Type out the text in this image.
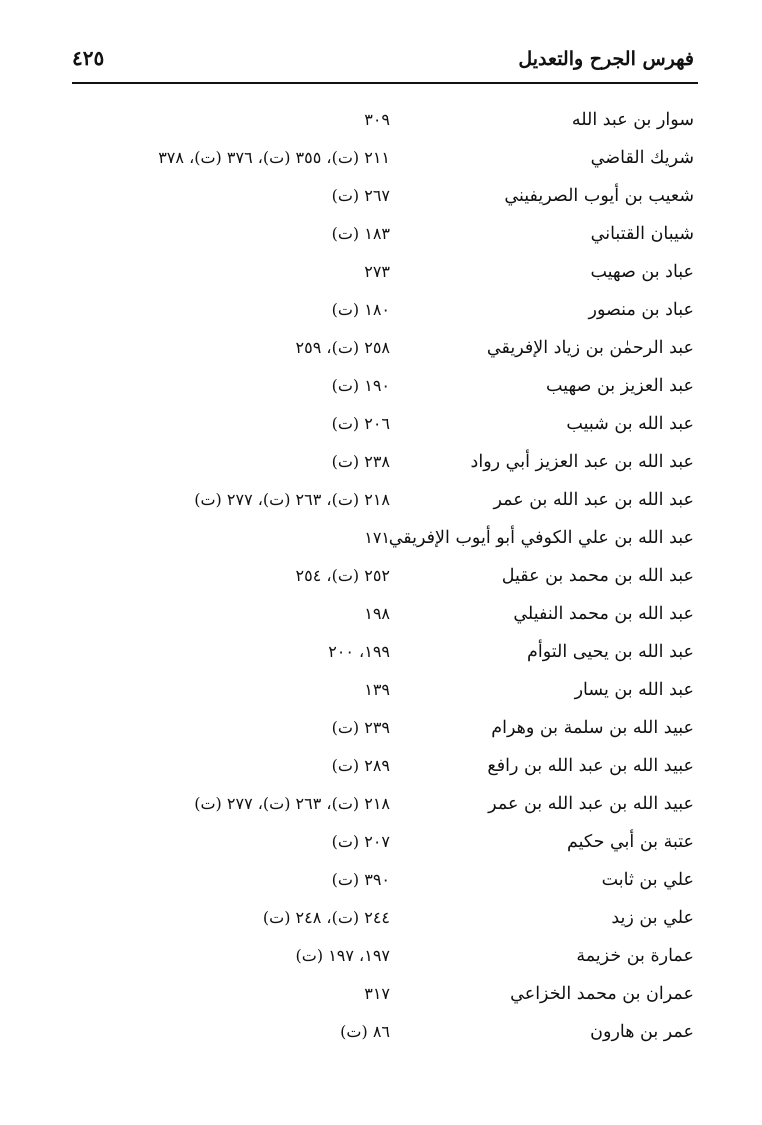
فهرس الجرح والتعديل
٤٢٥
سوار بن عبد الله
٣٠٩
شريك القاضي
٢١١ (ت)، ٣٥٥ (ت)، ٣٧٦ (ت)، ٣٧٨
شعيب بن أيوب الصريفيني
٢٦٧ (ت)
شيبان القتباني
١٨٣ (ت)
عباد بن صهيب
٢٧٣
عباد بن منصور
١٨٠ (ت)
عبد الرحمٰن بن زياد الإفريقي
٢٥٨ (ت)، ٢٥٩
عبد العزيز بن صهيب
١٩٠ (ت)
عبد الله بن شبيب
٢٠٦ (ت)
عبد الله بن عبد العزيز أبي رواد
٢٣٨ (ت)
عبد الله بن عبد الله بن عمر
٢١٨ (ت)، ٢٦٣ (ت)، ٢٧٧ (ت)
عبد الله بن علي الكوفي أبو أيوب الإفريقي
١٧١
عبد الله بن محمد بن عقيل
٢٥٢ (ت)، ٢٥٤
عبد الله بن محمد النفيلي
١٩٨
عبد الله بن يحيى التوأم
١٩٩، ٢٠٠
عبد الله بن يسار
١٣٩
عبيد الله بن سلمة بن وهرام
٢٣٩ (ت)
عبيد الله بن عبد الله بن رافع
٢٨٩ (ت)
عبيد الله بن عبد الله بن عمر
٢١٨ (ت)، ٢٦٣ (ت)، ٢٧٧ (ت)
عتبة بن أبي حكيم
٢٠٧ (ت)
علي بن ثابت
٣٩٠ (ت)
علي بن زيد
٢٤٤ (ت)، ٢٤٨ (ت)
عمارة بن خزيمة
١٩٧، ١٩٧ (ت)
عمران بن محمد الخزاعي
٣١٧
عمر بن هارون
٨٦ (ت)
